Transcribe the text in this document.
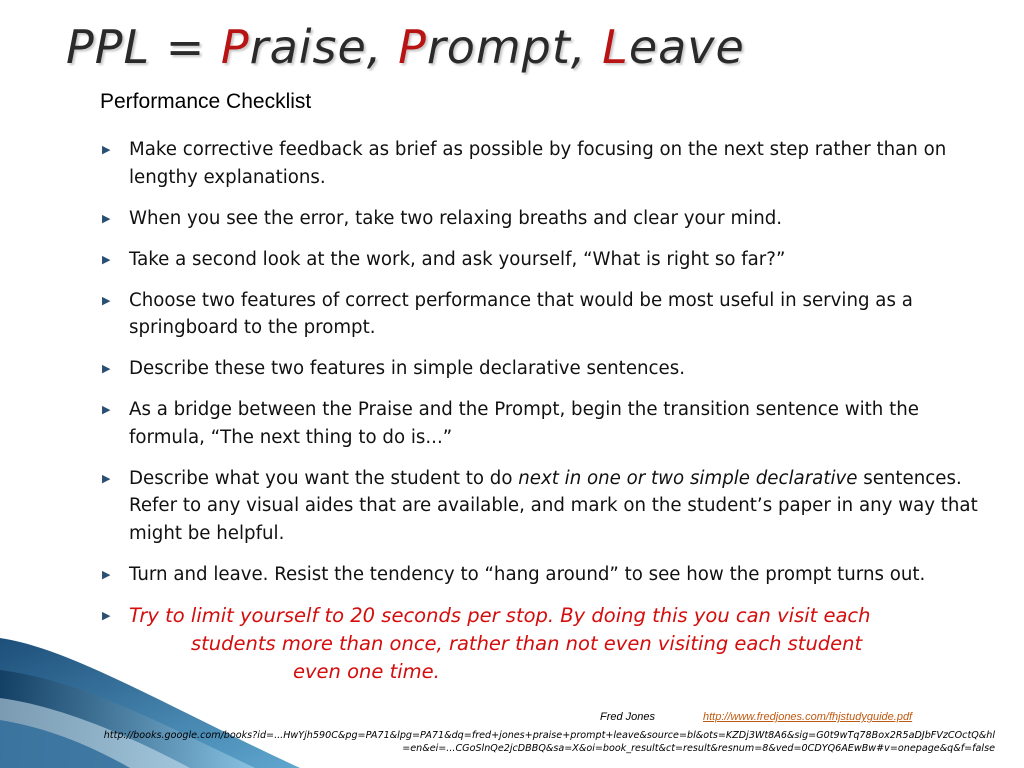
PPL = Praise, Prompt, Leave
Performance Checklist
▶ Make corrective feedback as brief as possible by focusing on the next step rather than on lengthy explanations.
▶ When you see the error, take two relaxing breaths and clear your mind.
▶ Take a second look at the work, and ask yourself, “What is right so far?”
▶ Choose two features of correct performance that would be most useful in serving as a springboard to the prompt.
▶ Describe these two features in simple declarative sentences.
▶ As a bridge between the Praise and the Prompt, begin the transition sentence with the formula, “The next thing to do is...”
▶ Describe what you want the student to do next in one or two simple declarative sentences. Refer to any visual aides that are available, and mark on the student’s paper in any way that might be helpful.
▶ Turn and leave. Resist the tendency to “hang around” to see how the prompt turns out.
▶ Try to limit yourself to 20 seconds per stop. By doing this you can visit each
students more than once, rather than not even visiting each student
even one time.
Fred Jones	http://www.fredjones.com/fhjstudyguide.pdf
http://books.google.com/books?id=...HwYjh590C&pg=PA71&lpg=PA71&dq=fred+jones+praise+prompt+leave&source=bl&ots=KZDj3Wt8A6&sig=G0t9wTq78Box2R5aDJbFVzCOctQ&hl=en&ei=...CGoSlnQe2jcDBBQ&sa=X&oi=book_result&ct=result&resnum=8&ved=0CDYQ6AEwBw#v=onepage&q&f=false
